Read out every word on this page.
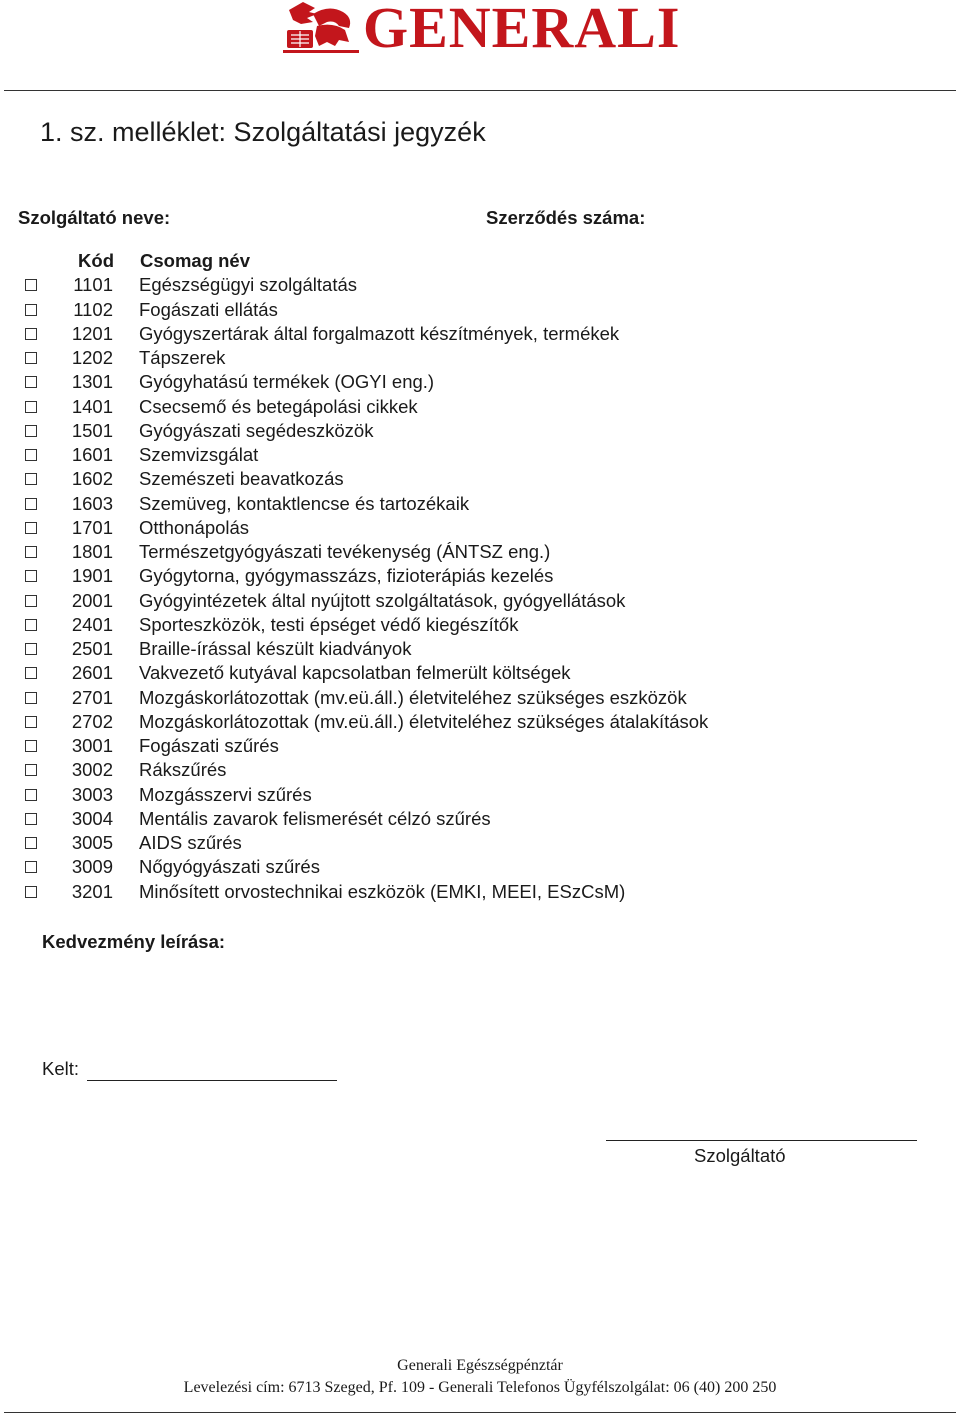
GENERALI
1. sz. melléklet: Szolgáltatási jegyzék
Szolgáltató neve:	Szerződés száma:
Kód Csomag név
1101 Egészségügyi szolgáltatás
1102 Fogászati ellátás
1201 Gyógyszertárak által forgalmazott készítmények, termékek
1202 Tápszerek
1301 Gyógyhatású termékek (OGYI eng.)
1401 Csecsemő és betegápolási cikkek
1501 Gyógyászati segédeszközök
1601 Szemvizsgálat
1602 Szemészeti beavatkozás
1603 Szemüveg, kontaktlencse és tartozékaik
1701 Otthonápolás
1801 Természetgyógyászati tevékenység (ÁNTSZ eng.)
1901 Gyógytorna, gyógymasszázs, fizioterápiás kezelés
2001 Gyógyintézetek által nyújtott szolgáltatások, gyógyellátások
2401 Sporteszközök, testi épséget védő kiegészítők
2501 Braille-írással készült kiadványok
2601 Vakvezető kutyával kapcsolatban felmerült költségek
2701 Mozgáskorlátozottak (mv.eü.áll.) életviteléhez szükséges eszközök
2702 Mozgáskorlátozottak (mv.eü.áll.) életviteléhez szükséges átalakítások
3001 Fogászati szűrés
3002 Rákszűrés
3003 Mozgásszervi szűrés
3004 Mentális zavarok felismerését célzó szűrés
3005 AIDS szűrés
3009 Nőgyógyászati szűrés
3201 Minősített orvostechnikai eszközök (EMKI, MEEI, ESzCsM)
Kedvezmény leírása:
Kelt:
Szolgáltató
Generali Egészségpénztár
Levelezési cím: 6713 Szeged, Pf. 109 - Generali Telefonos Ügyfélszolgálat: 06 (40) 200 250
